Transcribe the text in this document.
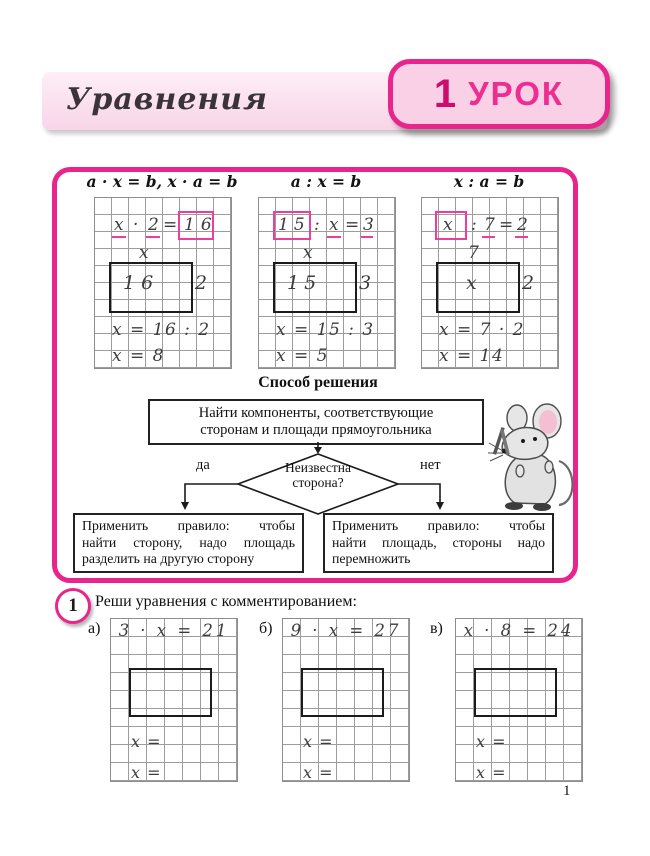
Уравнения	1 УРОК
a · x = b, x · a = b	a : x = b	x : a = b
x · 2 = 16
x
16 2
x = 16 : 2
x = 8
15 : x = 3
x
15 3
x = 15 : 3
x = 5
x : 7 = 2
7
x 2
x = 7 · 2
x = 14
Способ решения
Найти компоненты, соответствующие
сторонам и площади прямоугольника
Неизвестна
сторона?
да	нет
Применить правило: чтобы
найти сторону, надо площадь
разделить на другую сторону
Применить правило: чтобы
найти площадь, стороны надо
перемножить
1 Реши уравнения с комментированием:
а)	б)	в)
3 · x = 21
x =
x =
9 · x = 27
x =
x =
x · 8 = 24
x =
x =
1
